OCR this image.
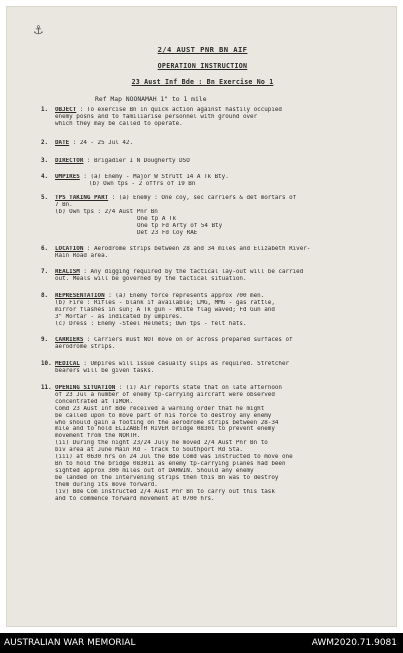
⚓
2/4 AUST PNR BN AIF
OPERATION INSTRUCTION
23 Aust Inf Bde : Bn Exercise No 1
Ref Map NOONAMAH 1" to 1 mile
1.	OBJECT : To exercise Bn in quick action against hastily occupied
enemy posns and to familiarise personnel with ground over
which they may be called to operate.
2.	DATE : 24 - 25 Jul 42.
3.	DIRECTOR : Brigadier I N Dougherty DSO
4.	UMPIRES : (a) Enemy - Major W Strutt 14 A Tk Bty.
(b) Own tps - 2 offrs of 19 Bn
5.	TPS TAKING PART : (a) Enemy : One coy, sec carriers & det mortars of
7 Bn.
(b) Own tps : 2/4 Aust Pnr Bn
One tp A Tk
One tp Fd Arty of 54 Bty
Det 23 Fd Coy RAE
6.	LOCATION : Aerodrome strips between 28 and 34 miles and Elizabeth River-
Rain Road area.
7.	REALISM : Any digging required by the tactical lay-out will be carried
out. Meals will be governed by the tactical situation.
8.	REPRESENTATION : (a) Enemy force represents approx 700 men.
(b) Fire : Rifles - blank if available; LMG, MMG - gas rattle,
mirror flashes in sun; A Tk gun - White flag waved; Fd Gun and
3" Mortar - as indicated by umpires.
(c) Dress : Enemy -Steel Helmets; Own tps - felt hats.
9.	CARRIERS : Carriers must NOT move on or across prepared surfaces of
aerodrome strips.
10. MEDICAL : Umpires will issue casualty slips as required. Stretcher
bearers will be given tasks.
11. OPENING SITUATION : (i) Air reports state that on late afternoon
of 23 Jul a number of enemy tp-carrying aircraft were observed
concentrated at TIMOR.
Comd 23 Aust Inf Bde received a warning order that he might
be called upon to move part of his force to destroy any enemy
who should gain a footing on the aerodrome strips between 28-34
mile and to hold ELIZABETH RIVER bridge 08301 to prevent enemy
movement from the NORTH.
(ii) During the night 23/24 July he moved 2/4 Aust Pnr Bn to
biv area at June Main Rd - track to Southport Rd Sta.
(iii) at 0630 hrs on 24 Jul the Bde Comd was instructed to move one
Bn to hold the bridge 083011 as enemy tp-carrying planes had been
sighted approx 300 miles out of DARWIN. Should any enemy
be landed on the intervening strips then this Bn was to destroy
them during its move forward.
(iv) Bde Com instructed 2/4 Aust Pnr Bn to carry out this task
and to commence forward movement at 0700 hrs.
AUSTRALIAN WAR MEMORIAL	AWM2020.71.9081
